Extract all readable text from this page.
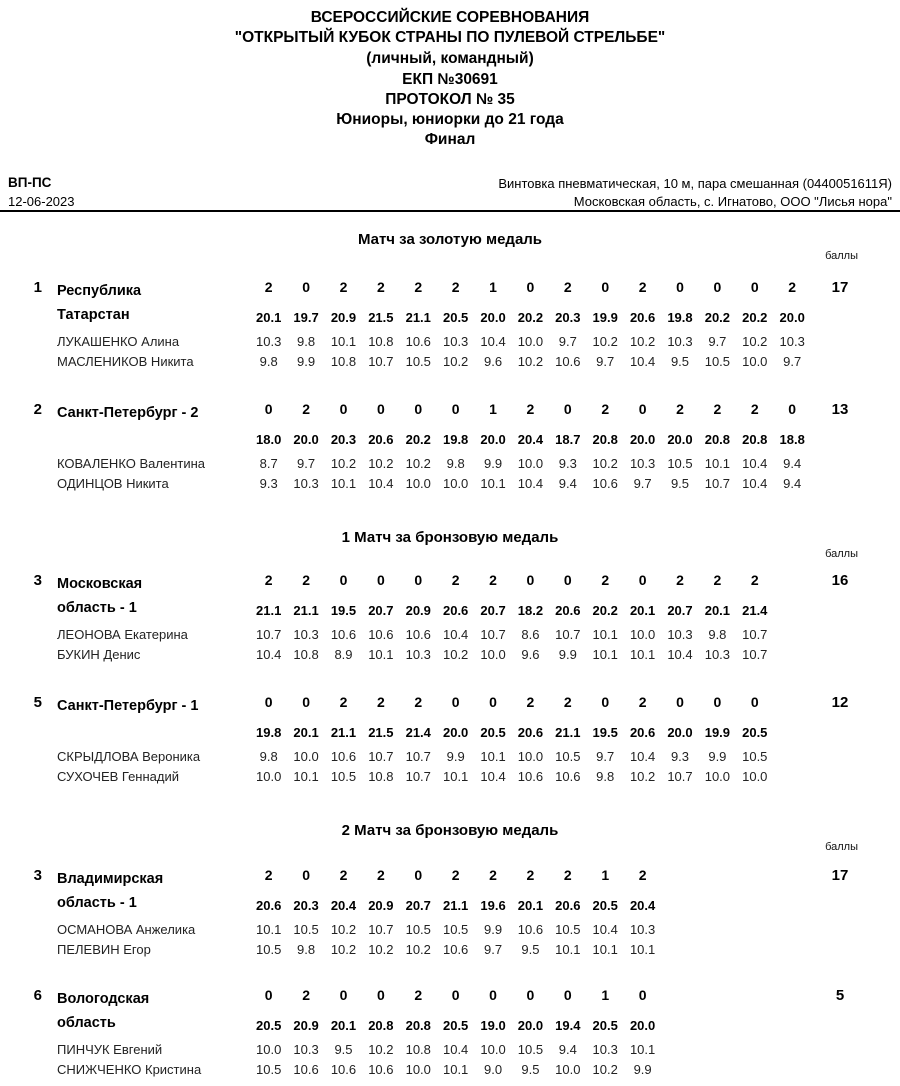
ВСЕРОССИЙСКИЕ СОРЕВНОВАНИЯ
"ОТКРЫТЫЙ КУБОК СТРАНЫ ПО ПУЛЕВОЙ СТРЕЛЬБЕ"
(личный, командный)
ЕКП №30691
ПРОТОКОЛ № 35
Юниоры, юниорки до 21 года
Финал
ВП-ПС
12-06-2023
Винтовка пневматическая, 10 м, пара смешанная (0440051611Я)
Московская область, с. Игнатово, ООО "Лисья нора"
Матч за золотую медаль
баллы
1 Республика
Татарстан
2	0	2	2	2	2	1	0	2	0	2	0	0	0	2	17
20.1 19.7 20.9 21.5 21.1 20.5 20.0 20.2 20.3 19.9 20.6 19.8 20.2 20.2 20.0
ЛУКАШЕНКО Алина	10.3	9.8	10.1 10.8 10.6 10.3 10.4 10.0	9.7	10.2 10.2 10.3	9.7	10.2 10.3
МАСЛЕНИКОВ Никита	9.8	9.9	10.8 10.7 10.5 10.2	9.6	10.2 10.6	9.7	10.4	9.5	10.5 10.0	9.7
2 Санкт-Петербург - 2	0	2	0	0	0	0	1	2	0	2	0	2	2	2	0	13
18.0 20.0 20.3 20.6 20.2 19.8 20.0 20.4 18.7 20.8 20.0 20.0 20.8 20.8 18.8
КОВАЛЕНКО Валентина	8.7	9.7	10.2 10.2 10.2	9.8	9.9	10.0	9.3	10.2 10.3 10.5 10.1 10.4	9.4
ОДИНЦОВ Никита	9.3	10.3 10.1 10.4 10.0 10.0 10.1 10.4	9.4	10.6	9.7	9.5	10.7 10.4	9.4
1 Матч за бронзовую медаль
баллы
3 Московская
область - 1
2	2	0	0	0	2	2	0	0	2	0	2	2	2	16
21.1 21.1 19.5 20.7 20.9 20.6 20.7 18.2 20.6 20.2 20.1 20.7 20.1 21.4
ЛЕОНОВА Екатерина	10.7 10.3 10.6 10.6 10.6 10.4 10.7	8.6	10.7 10.1 10.0 10.3	9.8	10.7
БУКИН Денис	10.4 10.8	8.9	10.1 10.3 10.2 10.0	9.6	9.9	10.1 10.1 10.4 10.3 10.7
5 Санкт-Петербург - 1	0	0	2	2	2	0	0	2	2	0	2	0	0	0	12
19.8 20.1 21.1 21.5 21.4 20.0 20.5 20.6 21.1 19.5 20.6 20.0 19.9 20.5
СКРЫДЛОВА Вероника	9.8	10.0 10.6 10.7 10.7	9.9	10.1 10.0 10.5	9.7	10.4	9.3	9.9	10.5
СУХОЧЕВ Геннадий	10.0 10.1 10.5 10.8 10.7 10.1 10.4 10.6 10.6	9.8	10.2 10.7 10.0 10.0
2 Матч за бронзовую медаль
баллы
3 Владимирская
область - 1
2	0	2	2	0	2	2	2	2	1	2	17
20.6 20.3 20.4 20.9 20.7 21.1 19.6 20.1 20.6 20.5 20.4
ОСМАНОВА Анжелика	10.1 10.5 10.2 10.7 10.5 10.5	9.9	10.6 10.5 10.4 10.3
ПЕЛЕВИН Егор	10.5	9.8	10.2 10.2 10.2 10.6	9.7	9.5	10.1 10.1 10.1
6 Вологодская
область
0	2	0	0	2	0	0	0	0	1	0	5
20.5 20.9 20.1 20.8 20.8 20.5 19.0 20.0 19.4 20.5 20.0
ПИНЧУК Евгений	10.0 10.3	9.5	10.2 10.8 10.4 10.0 10.5	9.4	10.3 10.1
СНИЖЧЕНКО Кристина	10.5 10.6 10.6 10.6 10.0 10.1	9.0	9.5	10.0 10.2	9.9
